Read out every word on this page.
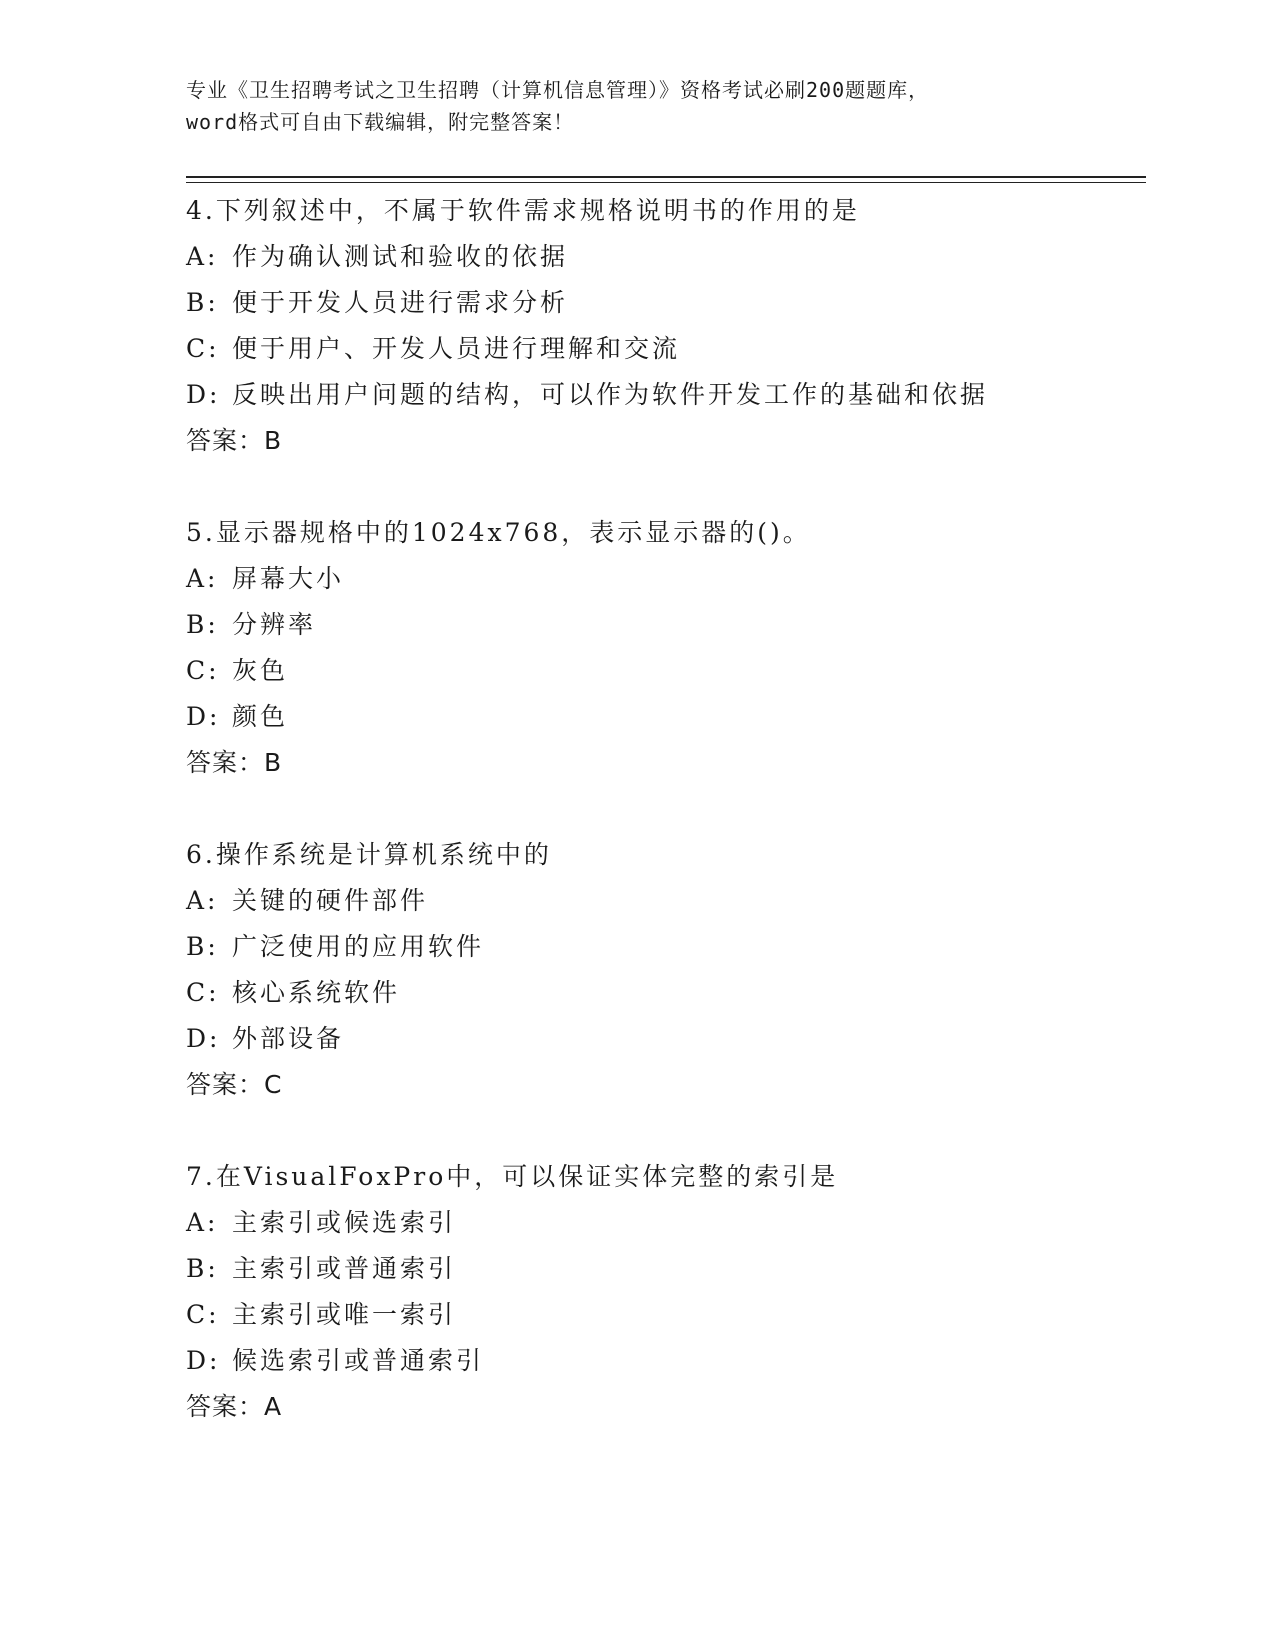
专业《卫生招聘考试之卫生招聘（计算机信息管理）》资格考试必刷200题题库，
word格式可自由下载编辑，附完整答案！
4.下列叙述中，不属于软件需求规格说明书的作用的是
A: 作为确认测试和验收的依据
B: 便于开发人员进行需求分析
C: 便于用户、开发人员进行理解和交流
D: 反映出用户问题的结构，可以作为软件开发工作的基础和依据
答案：B
5.显示器规格中的1024x768，表示显示器的()。
A: 屏幕大小
B: 分辨率
C: 灰色
D: 颜色
答案：B
6.操作系统是计算机系统中的
A: 关键的硬件部件
B: 广泛使用的应用软件
C: 核心系统软件
D: 外部设备
答案：C
7.在VisualFoxPro中，可以保证实体完整的索引是
A: 主索引或候选索引
B: 主索引或普通索引
C: 主索引或唯一索引
D: 候选索引或普通索引
答案：A
